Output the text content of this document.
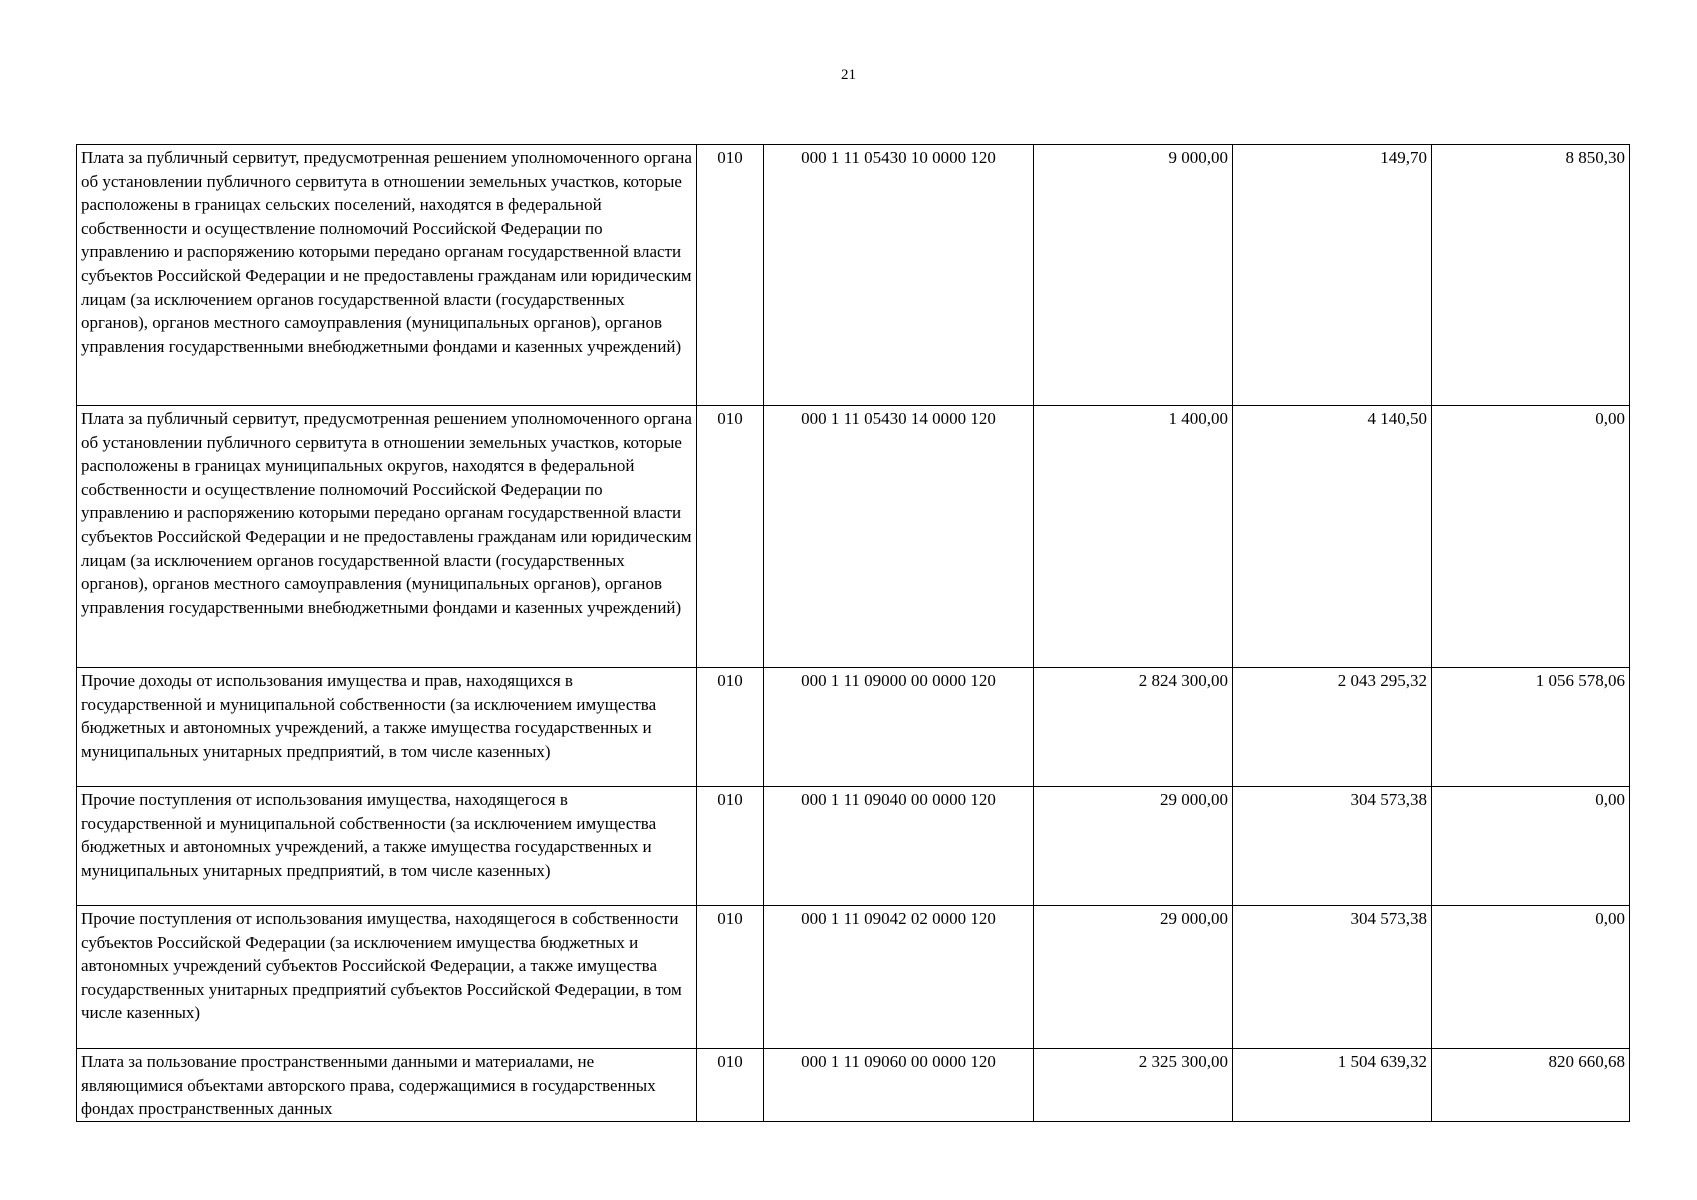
21
Плата за публичный сервитут, предусмотренная решением уполномоченного органа об установлении публичного сервитута в отношении земельных участков, которые расположены в границах сельских поселений, находятся в федеральной собственности и осуществление полномочий Российской Федерации по управлению и распоряжению которыми передано органам государственной власти субъектов Российской Федерации и не предоставлены гражданам или юридическим лицам (за исключением органов государственной власти (государственных органов), органов местного самоуправления (муниципальных органов), органов управления государственными внебюджетными фондами и казенных учреждений)	010	000 1 11 05430 10 0000 120	9 000,00	149,70	8 850,30
Плата за публичный сервитут, предусмотренная решением уполномоченного органа об установлении публичного сервитута в отношении земельных участков, которые расположены в границах муниципальных округов, находятся в федеральной собственности и осуществление полномочий Российской Федерации по управлению и распоряжению которыми передано органам государственной власти субъектов Российской Федерации и не предоставлены гражданам или юридическим лицам (за исключением органов государственной власти (государственных органов), органов местного самоуправления (муниципальных органов), органов управления государственными внебюджетными фондами и казенных учреждений)	010	000 1 11 05430 14 0000 120	1 400,00	4 140,50	0,00
Прочие доходы от использования имущества и прав, находящихся в государственной и муниципальной собственности (за исключением имущества бюджетных и автономных учреждений, а также имущества государственных и муниципальных унитарных предприятий, в том числе казенных)	010	000 1 11 09000 00 0000 120	2 824 300,00	2 043 295,32	1 056 578,06
Прочие поступления от использования имущества, находящегося в государственной и муниципальной собственности (за исключением имущества бюджетных и автономных учреждений, а также имущества государственных и муниципальных унитарных предприятий, в том числе казенных)	010	000 1 11 09040 00 0000 120	29 000,00	304 573,38	0,00
Прочие поступления от использования имущества, находящегося в собственности субъектов Российской Федерации (за исключением имущества бюджетных и автономных учреждений субъектов Российской Федерации, а также имущества государственных унитарных предприятий субъектов Российской Федерации, в том числе казенных)	010	000 1 11 09042 02 0000 120	29 000,00	304 573,38	0,00
Плата за пользование пространственными данными и материалами, не являющимися объектами авторского права, содержащимися в государственных фондах пространственных данных	010	000 1 11 09060 00 0000 120	2 325 300,00	1 504 639,32	820 660,68
